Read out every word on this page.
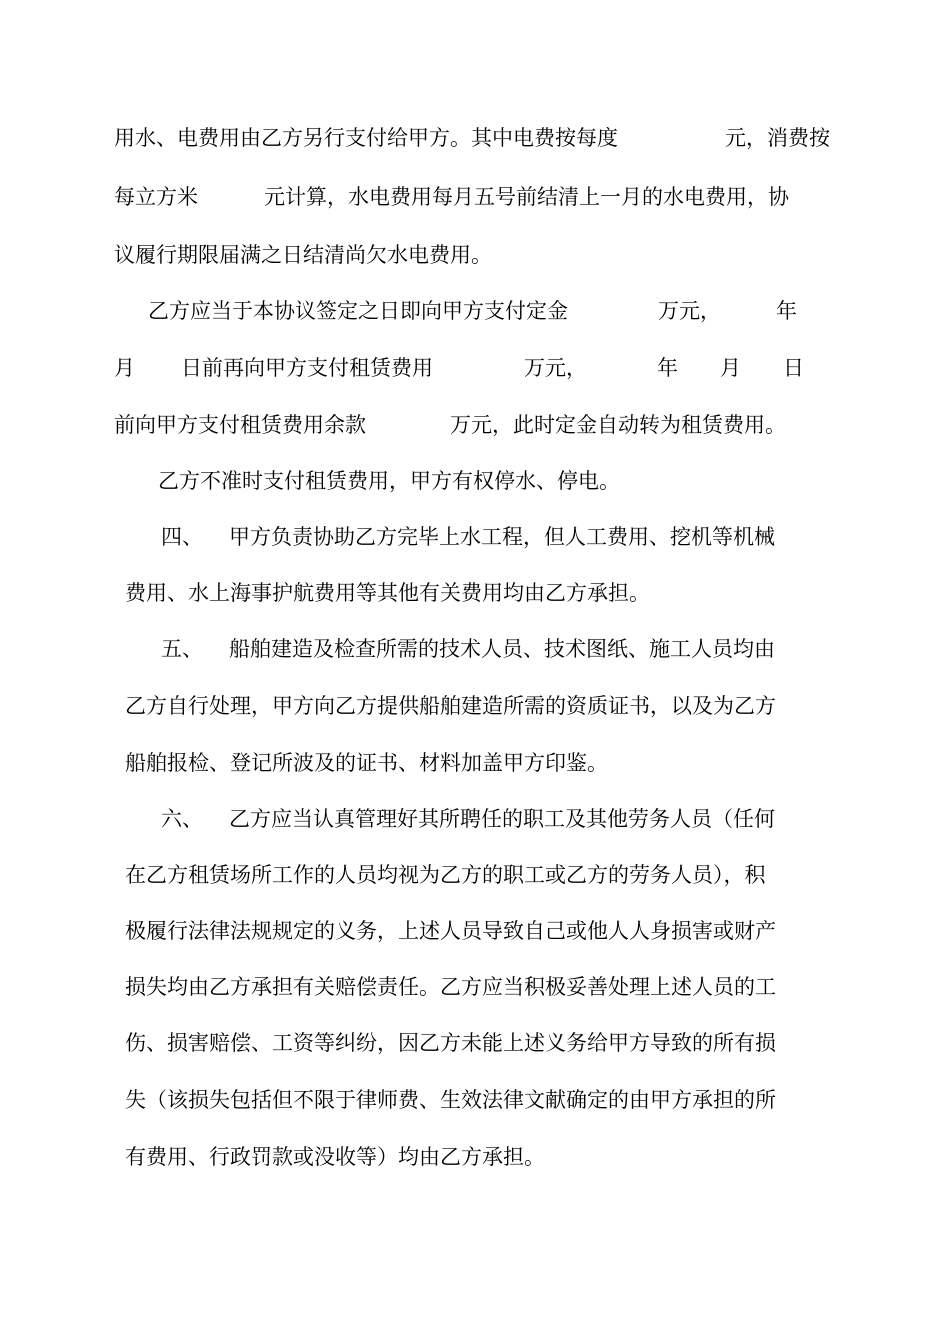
用水、电费用由乙方另行支付给甲方。其中电费按每度	元，消费按
每立方米	元计算，水电费用每月五号前结清上一月的水电费用，协
议履行期限届满之日结清尚欠水电费用。
乙方应当于本协议签定之日即向甲方支付定金	万元，	年
月 日前再向甲方支付租赁费用	万元，	年 月 日
前向甲方支付租赁费用余款	万元，此时定金自动转为租赁费用。
乙方不准时支付租赁费用，甲方有权停水、停电。
四、 甲方负责协助乙方完毕上水工程，但人工费用、挖机等机械
费用、水上海事护航费用等其他有关费用均由乙方承担。
五、 船舶建造及检查所需的技术人员、技术图纸、施工人员均由
乙方自行处理，甲方向乙方提供船舶建造所需的资质证书，以及为乙方
船舶报检、登记所波及的证书、材料加盖甲方印鉴。
六、 乙方应当认真管理好其所聘任的职工及其他劳务人员（任何
在乙方租赁场所工作的人员均视为乙方的职工或乙方的劳务人员），积
极履行法律法规规定的义务，上述人员导致自己或他人人身损害或财产
损失均由乙方承担有关赔偿责任。乙方应当积极妥善处理上述人员的工
伤、损害赔偿、工资等纠纷，因乙方未能上述义务给甲方导致的所有损
失（该损失包括但不限于律师费、生效法律文献确定的由甲方承担的所
有费用、行政罚款或没收等）均由乙方承担。
